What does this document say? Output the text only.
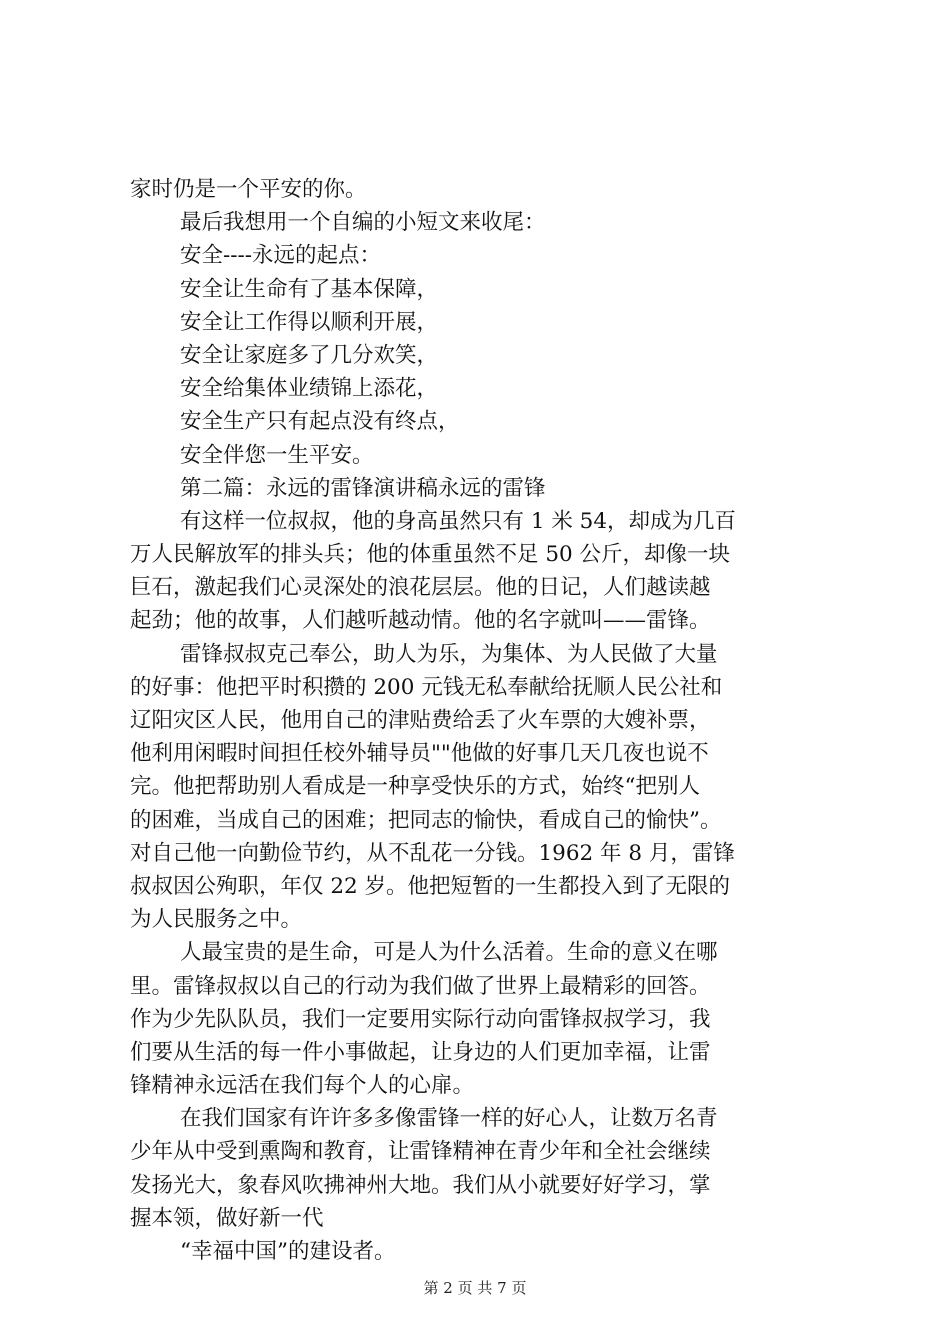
家时仍是一个平安的你。
最后我想用一个自编的小短文来收尾：
安全----永远的起点：
安全让生命有了基本保障，
安全让工作得以顺利开展，
安全让家庭多了几分欢笑，
安全给集体业绩锦上添花，
安全生产只有起点没有终点，
安全伴您一生平安。
第二篇：永远的雷锋演讲稿永远的雷锋
有这样一位叔叔，他的身高虽然只有 1 米 54，却成为几百
万人民解放军的排头兵；他的体重虽然不足 50 公斤，却像一块
巨石，激起我们心灵深处的浪花层层。他的日记，人们越读越
起劲；他的故事，人们越听越动情。他的名字就叫——雷锋。
雷锋叔叔克己奉公，助人为乐，为集体、为人民做了大量
的好事：他把平时积攒的 200 元钱无私奉献给抚顺人民公社和
辽阳灾区人民，他用自己的津贴费给丢了火车票的大嫂补票，
他利用闲暇时间担任校外辅导员""他做的好事几天几夜也说不
完。他把帮助别人看成是一种享受快乐的方式，始终“把别人
的困难，当成自己的困难；把同志的愉快，看成自己的愉快”。
对自己他一向勤俭节约，从不乱花一分钱。1962 年 8 月，雷锋
叔叔因公殉职，年仅 22 岁。他把短暂的一生都投入到了无限的
为人民服务之中。
人最宝贵的是生命，可是人为什么活着。生命的意义在哪
里。雷锋叔叔以自己的行动为我们做了世界上最精彩的回答。
作为少先队队员，我们一定要用实际行动向雷锋叔叔学习，我
们要从生活的每一件小事做起，让身边的人们更加幸福，让雷
锋精神永远活在我们每个人的心扉。
在我们国家有许许多多像雷锋一样的好心人，让数万名青
少年从中受到熏陶和教育，让雷锋精神在青少年和全社会继续
发扬光大，象春风吹拂神州大地。我们从小就要好好学习，掌
握本领，做好新一代
“幸福中国”的建设者。
第 2 页 共 7 页
